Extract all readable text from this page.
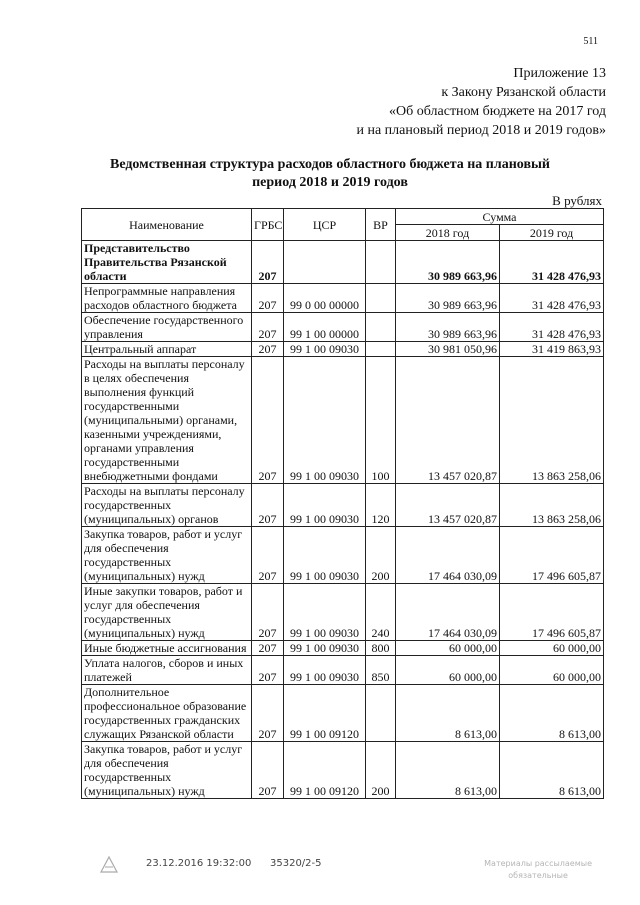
511
Приложение 13
к Закону Рязанской области
«Об областном бюджете на 2017 год
и на плановый период 2018 и 2019 годов»
Ведомственная структура расходов областного бюджета на плановый
период 2018 и 2019 годов
В рублях
Наименование	ГРБС	ЦСР	ВР	Сумма	
				2018 год	2019 год
Представительство Правительства Рязанской области	207			30 989 663,96	31 428 476,93
Непрограммные направления расходов областного бюджета	207	99 0 00 00000		30 989 663,96	31 428 476,93
Обеспечение государственного управления	207	99 1 00 00000		30 989 663,96	31 428 476,93
Центральный аппарат	207	99 1 00 09030		30 981 050,96	31 419 863,93
Расходы на выплаты персоналу в целях обеспечения выполнения функций государственными (муниципальными) органами, казенными учреждениями, органами управления государственными внебюджетными фондами	207	99 1 00 09030	100	13 457 020,87	13 863 258,06
Расходы на выплаты персоналу государственных (муниципальных) органов	207	99 1 00 09030	120	13 457 020,87	13 863 258,06
Закупка товаров, работ и услуг для обеспечения государственных (муниципальных) нужд	207	99 1 00 09030	200	17 464 030,09	17 496 605,87
Иные закупки товаров, работ и услуг для обеспечения государственных (муниципальных) нужд	207	99 1 00 09030	240	17 464 030,09	17 496 605,87
Иные бюджетные ассигнования	207	99 1 00 09030	800	60 000,00	60 000,00
Уплата налогов, сборов и иных платежей	207	99 1 00 09030	850	60 000,00	60 000,00
Дополнительное профессиональное образование государственных гражданских служащих Рязанской области	207	99 1 00 09120		8 613,00	8 613,00
Закупка товаров, работ и услуг для обеспечения государственных (муниципальных) нужд	207	99 1 00 09120	200	8 613,00	8 613,00
23.12.2016 19:32:00 35320/2-5	Материалы рассылаемые
обязательные
